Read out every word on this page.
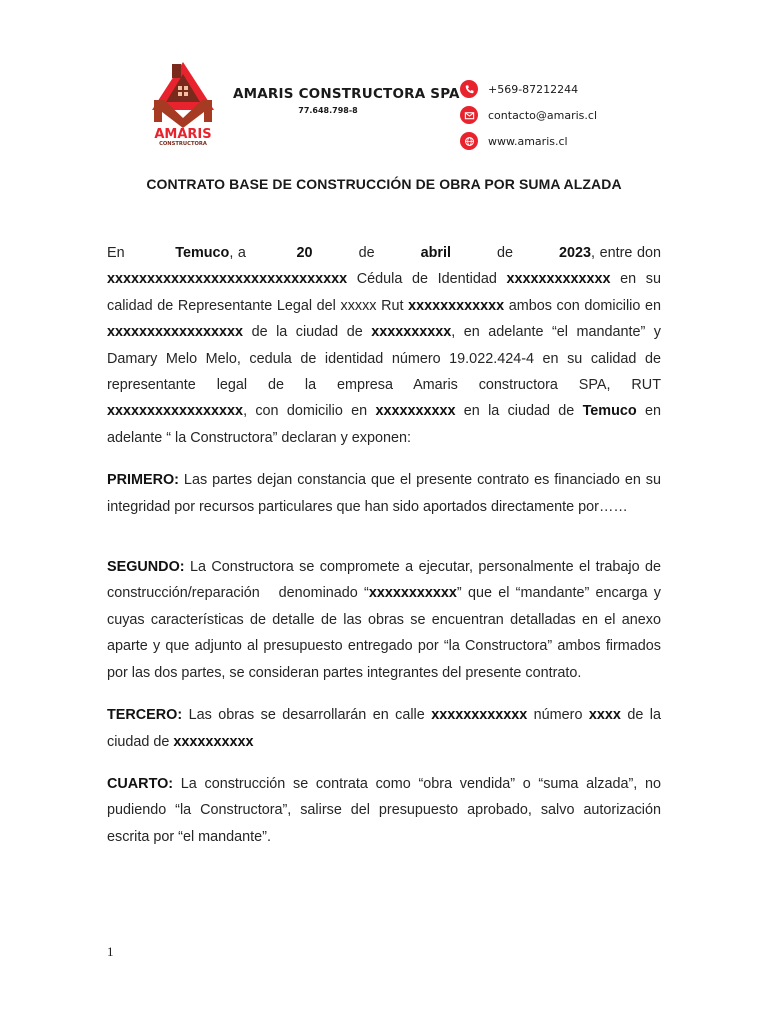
AMARIS
CONSTRUCTORA
AMARIS CONSTRUCTORA SPA
77.648.798-8
+569-87212244
contacto@amaris.cl
www.amaris.cl
CONTRATO BASE DE CONSTRUCCIÓN DE OBRA POR SUMA ALZADA

En	Temuco, a	20	de	abril	de	2023, entre don
xxxxxxxxxxxxxxxxxxxxxxxxxxxxxx Cédula de Identidad xxxxxxxxxxxxx en su calidad de Representante Legal del xxxxx Rut xxxxxxxxxxxx ambos con domicilio en xxxxxxxxxxxxxxxxx de la ciudad de xxxxxxxxxx, en adelante “el mandante” y Damary Melo Melo, cedula de identidad número 19.022.424-4 en su calidad de representante legal de la empresa Amaris constructora SPA, RUT xxxxxxxxxxxxxxxxx, con domicilio en xxxxxxxxxx en la ciudad de Temuco en adelante “ la Constructora” declaran y exponen:

PRIMERO: Las partes dejan constancia que el presente contrato es financiado en su integridad por recursos particulares que han sido aportados directamente por……

SEGUNDO: La Constructora se compromete a ejecutar, personalmente el trabajo de construcción/reparación   denominado “xxxxxxxxxxx” que el “mandante” encarga y cuyas características de detalle de las obras se encuentran detalladas en el anexo aparte y que adjunto al presupuesto entregado por “la Constructora” ambos firmados por las dos partes, se consideran partes integrantes del presente contrato.

TERCERO: Las obras se desarrollarán en calle xxxxxxxxxxxx número xxxx de la ciudad de xxxxxxxxxx

CUARTO: La construcción se contrata como “obra vendida” o “suma alzada”, no pudiendo “la Constructora”, salirse del presupuesto aprobado, salvo autorización escrita por “el mandante”.

1
